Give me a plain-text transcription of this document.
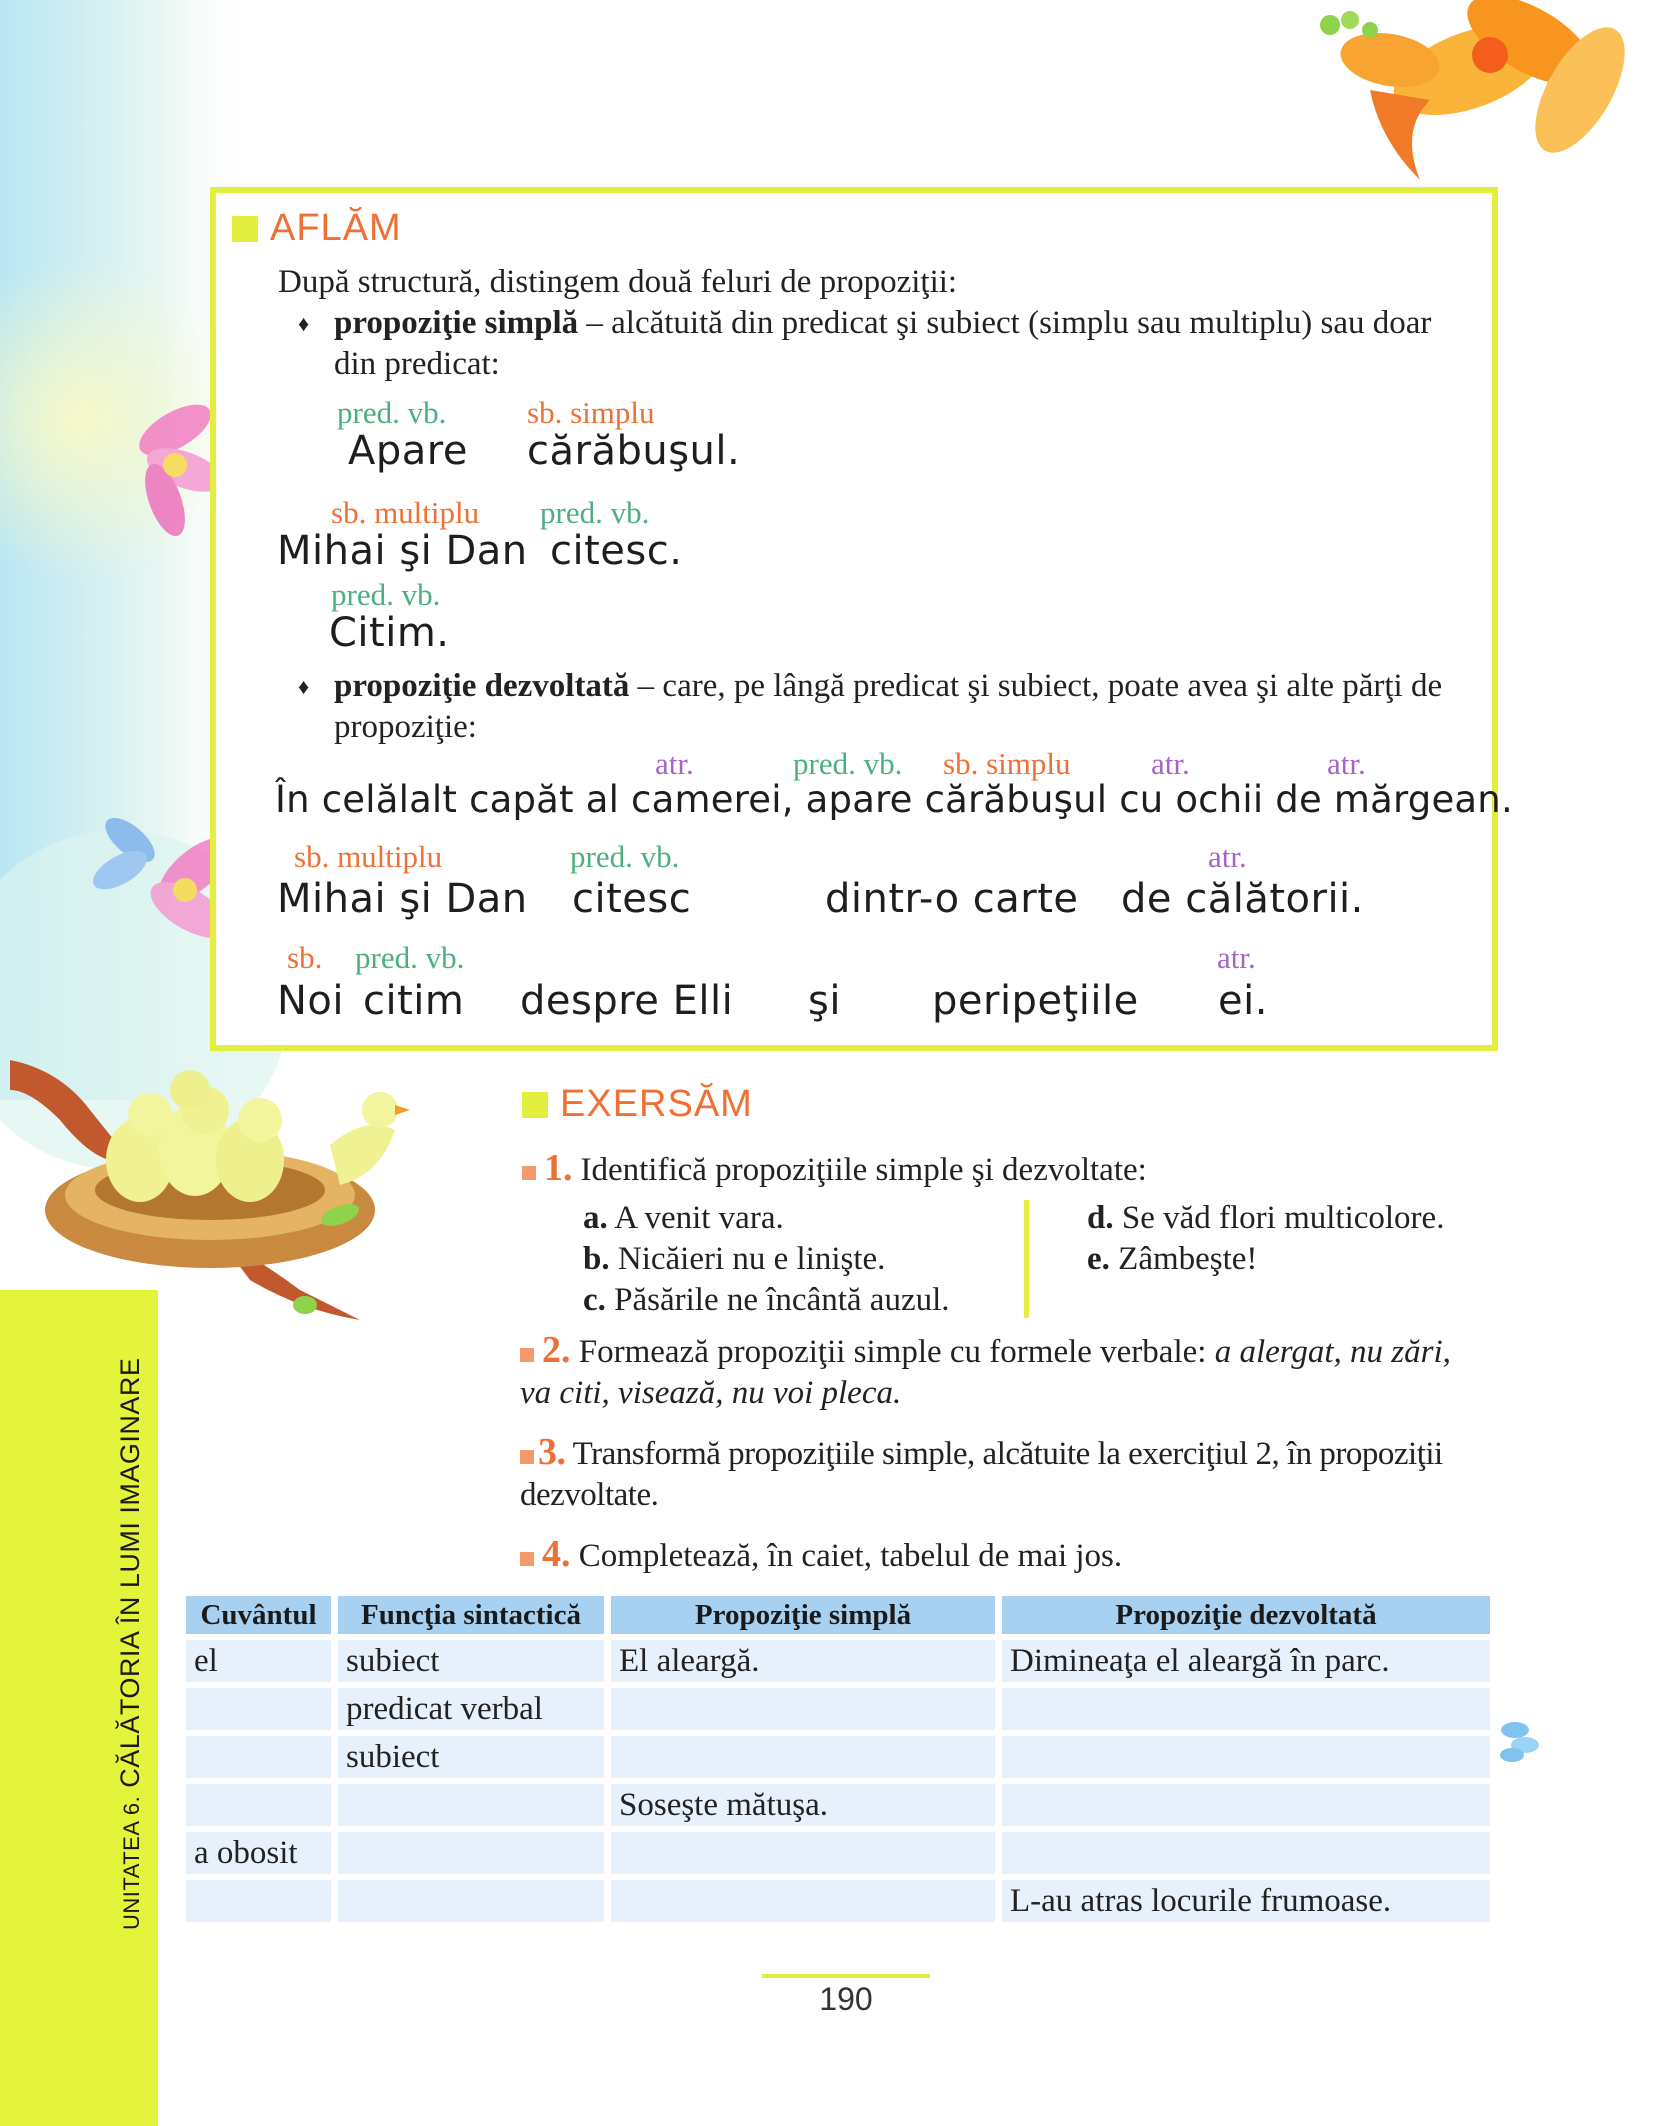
UNITATEA 6. CĂLĂTORIA ÎN LUMI IMAGINARE
AFLĂM
După structură, distingem două feluri de propoziţii:
♦ propoziţie simplă – alcătuită din predicat şi subiect (simplu sau multiplu) sau doar
din predicat:
pred. vb.	sb. simplu
Apare cărăbuşul.
sb. multiplu pred. vb.
Mihai şi Dan citesc.
pred. vb.
Citim.
♦ propoziţie dezvoltată – care, pe lângă predicat şi subiect, poate avea şi alte părţi de
propoziţie:
atr.	pred. vb. sb. simplu	atr.	atr.
În celălalt capăt al camerei, apare cărăbuşul cu ochii de mărgean.
sb. multiplu	pred. vb.	atr.
Mihai şi Dan citesc	dintr-o carte de călătorii.
sb. pred. vb.	atr.
Noi citim despre Elli şi peripeţiile ei.
EXERSĂM
1. Identifică propoziţiile simple şi dezvoltate:
a. A venit vara.
b. Nicăieri nu e linişte.
c. Păsările ne încântă auzul.
d. Se văd flori multicolore.
e. Zâmbeşte!
2. Formează propoziţii simple cu formele verbale: a alergat, nu zări,
va citi, visează, nu voi pleca.
3. Transformă propoziţiile simple, alcătuite la exerciţiul 2, în propoziţii
dezvoltate.
4. Completează, în caiet, tabelul de mai jos.
Cuvântul	Funcţia sintactică	Propoziţie simplă	Propoziţie dezvoltată
el	subiect	El aleargă.	Dimineaţa el aleargă în parc.
	predicat verbal		
	subiect		
		Soseşte mătuşa.	
a obosit			
			L-au atras locurile frumoase.
190
